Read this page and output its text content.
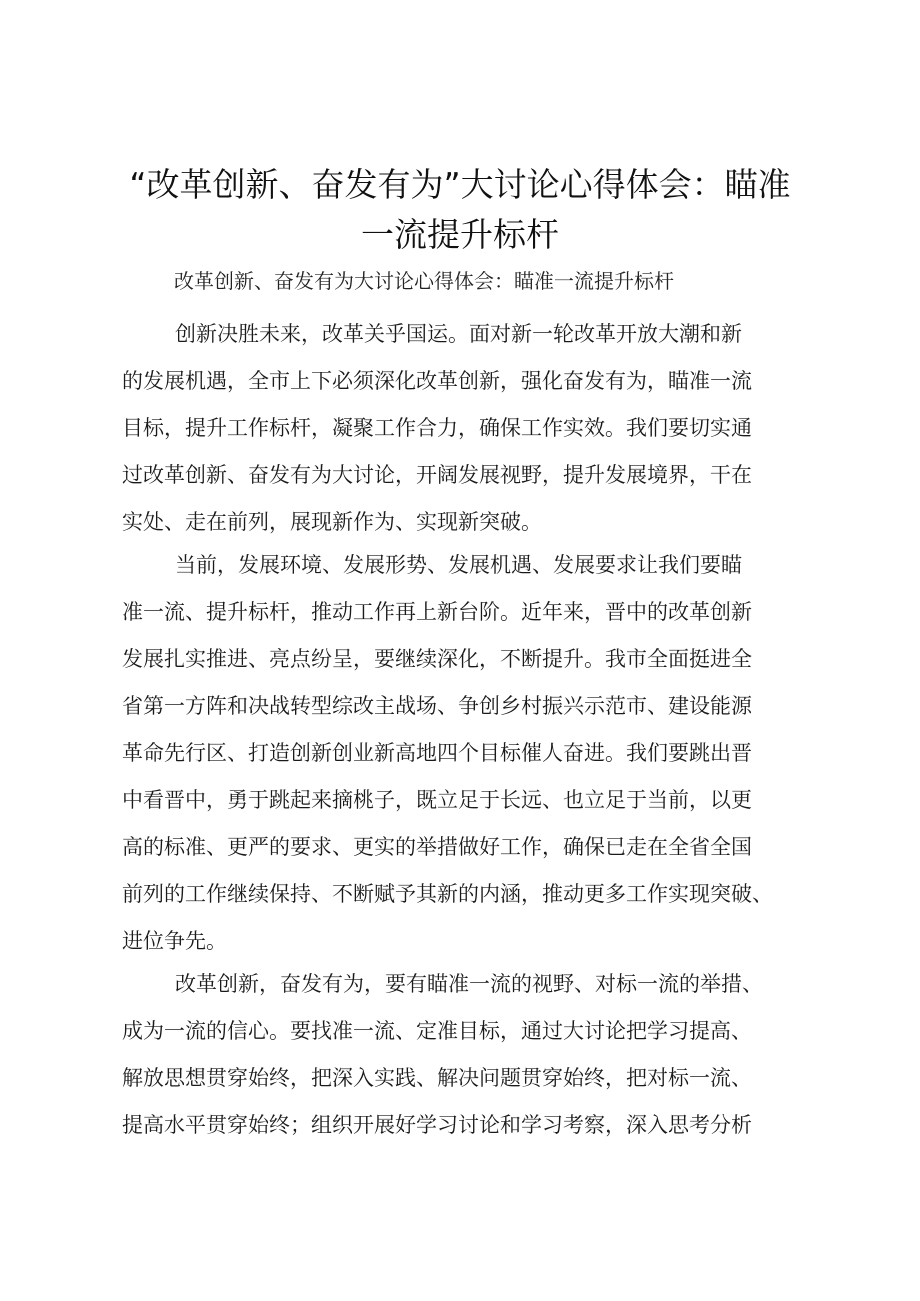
“改革创新、奋发有为”大讨论心得体会：瞄准
一流提升标杆

改革创新、奋发有为大讨论心得体会：瞄准一流提升标杆

创新决胜未来，改革关乎国运。面对新一轮改革开放大潮和新
的发展机遇，全市上下必须深化改革创新，强化奋发有为，瞄准一流
目标，提升工作标杆，凝聚工作合力，确保工作实效。我们要切实通
过改革创新、奋发有为大讨论，开阔发展视野，提升发展境界，干在
实处、走在前列，展现新作为、实现新突破。

当前，发展环境、发展形势、发展机遇、发展要求让我们要瞄
准一流、提升标杆，推动工作再上新台阶。近年来，晋中的改革创新
发展扎实推进、亮点纷呈，要继续深化，不断提升。我市全面挺进全
省第一方阵和决战转型综改主战场、争创乡村振兴示范市、建设能源
革命先行区、打造创新创业新高地四个目标催人奋进。我们要跳出晋
中看晋中，勇于跳起来摘桃子，既立足于长远、也立足于当前，以更
高的标准、更严的要求、更实的举措做好工作，确保已走在全省全国
前列的工作继续保持、不断赋予其新的内涵，推动更多工作实现突破、
进位争先。

改革创新，奋发有为，要有瞄准一流的视野、对标一流的举措、
成为一流的信心。要找准一流、定准目标，通过大讨论把学习提高、
解放思想贯穿始终，把深入实践、解决问题贯穿始终，把对标一流、
提高水平贯穿始终；组织开展好学习讨论和学习考察，深入思考分析
